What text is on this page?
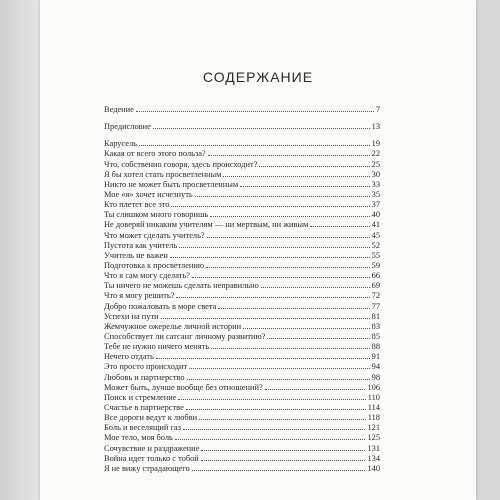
СОДЕРЖАНИЕ
Ведение	7
Предисловие	13
Карусель	19
Какая от всего этого польза?	22
Что, собственно говоря, здесь происходит?	25
Я бы хотел стать просветленным	30
Никто не может быть просветленным	33
Мое «я» хочет исчезнуть	35
Кто плетет все это	37
Ты слишком много говоришь	40
Не доверяй никаким учителям — ни мертвым, ни живым	41
Что может сделать учитель?	45
Пустота как учитель	52
Учитель не важен	55
Подготовка к просветлению	59
Что я сам могу сделать?	66
Ты ничего не можешь сделать неправильно	69
Что я могу решить?	72
Добро пожаловать в море света	77
Успехи на пути	81
Жемчужное ожерелье личной истории	83
Способствует ли сатсанг личному развитию?	85
Тебе не нужно ничего менять	88
Нечего отдать	91
Это просто происходит	94
Любовь и партнерство	98
Может быть, лучше вообще без отношений?	106
Поиск и стремление	110
Счастье в партнерстве	114
Все дороги ведут к любви	118
Боль и веселящий газ	121
Мое тело, моя боль	125
Сочувствие и раздражение	131
Война идет только с тобой	134
Я не вижу страдающего	140
